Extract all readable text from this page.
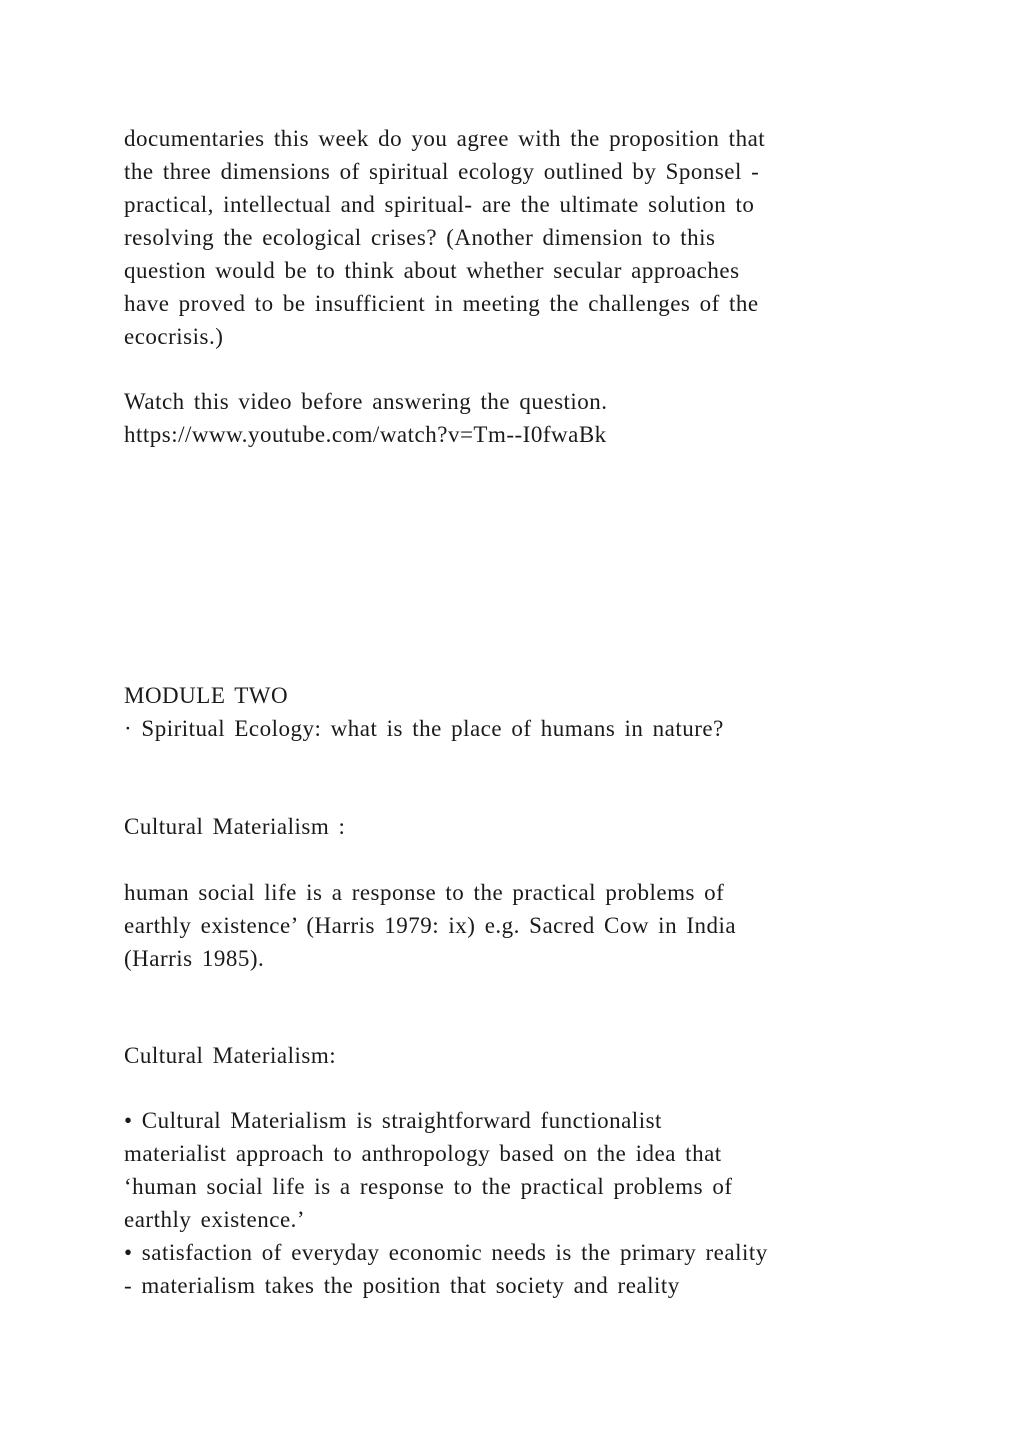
documentaries this week do you agree with the proposition that

the three dimensions of spiritual ecology outlined by Sponsel -

practical, intellectual and spiritual- are the ultimate solution to

resolving the ecological crises? (Another dimension to this

question would be to think about whether secular approaches

have proved to be insufficient in meeting the challenges of the

ecocrisis.)

Watch this video before answering the question.

https://www.youtube.com/watch?v=Tm--I0fwaBk

MODULE TWO

· Spiritual Ecology: what is the place of humans in nature?

Cultural Materialism :

human social life is a response to the practical problems of

earthly existence’ (Harris 1979: ix) e.g. Sacred Cow in India

(Harris 1985).

Cultural Materialism:

• Cultural Materialism is straightforward functionalist

materialist approach to anthropology based on the idea that

‘human social life is a response to the practical problems of

earthly existence.’

• satisfaction of everyday economic needs is the primary reality

- materialism takes the position that society and reality
